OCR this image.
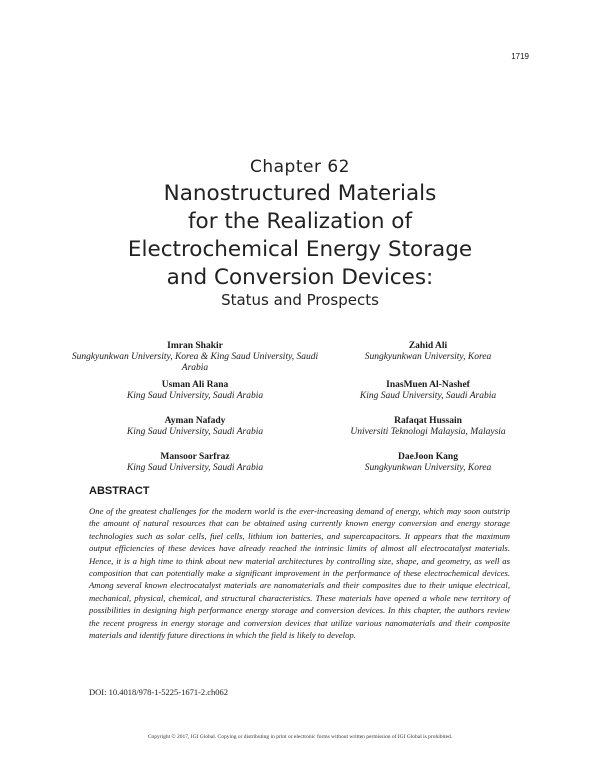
1719
Chapter 62
Nanostructured Materials
for the Realization of
Electrochemical Energy Storage
and Conversion Devices:
Status and Prospects
Imran Shakir
Sungkyunkwan University, Korea & King Saud University, Saudi Arabia
Usman Ali Rana
King Saud University, Saudi Arabia
Ayman Nafady
King Saud University, Saudi Arabia
Mansoor Sarfraz
King Saud University, Saudi Arabia
Zahid Ali
Sungkyunkwan University, Korea
InasMuen Al-Nashef
King Saud University, Saudi Arabia
Rafaqat Hussain
Universiti Teknologi Malaysia, Malaysia
DaeJoon Kang
Sungkyunkwan University, Korea
ABSTRACT
One of the greatest challenges for the modern world is the ever-increasing demand of energy, which may soon outstrip the amount of natural resources that can be obtained using currently known energy conversion and energy storage technologies such as solar cells, fuel cells, lithium ion batteries, and supercapacitors. It appears that the maximum output efficiencies of these devices have already reached the intrinsic limits of almost all electrocatalyst materials. Hence, it is a high time to think about new material architectures by controlling size, shape, and geometry, as well as composition that can potentially make a significant improvement in the performance of these electrochemical devices. Among several known electrocatalyst materials are nanomaterials and their composites due to their unique electrical, mechanical, physical, chemical, and structural characteristics. These materials have opened a whole new territory of possibilities in designing high performance energy storage and conversion devices. In this chapter, the authors review the recent progress in energy storage and conversion devices that utilize various nanomaterials and their composite materials and identify future directions in which the field is likely to develop.
DOI: 10.4018/978-1-5225-1671-2.ch062
Copyright © 2017, IGI Global. Copying or distributing in print or electronic forms without written permission of IGI Global is prohibited.
